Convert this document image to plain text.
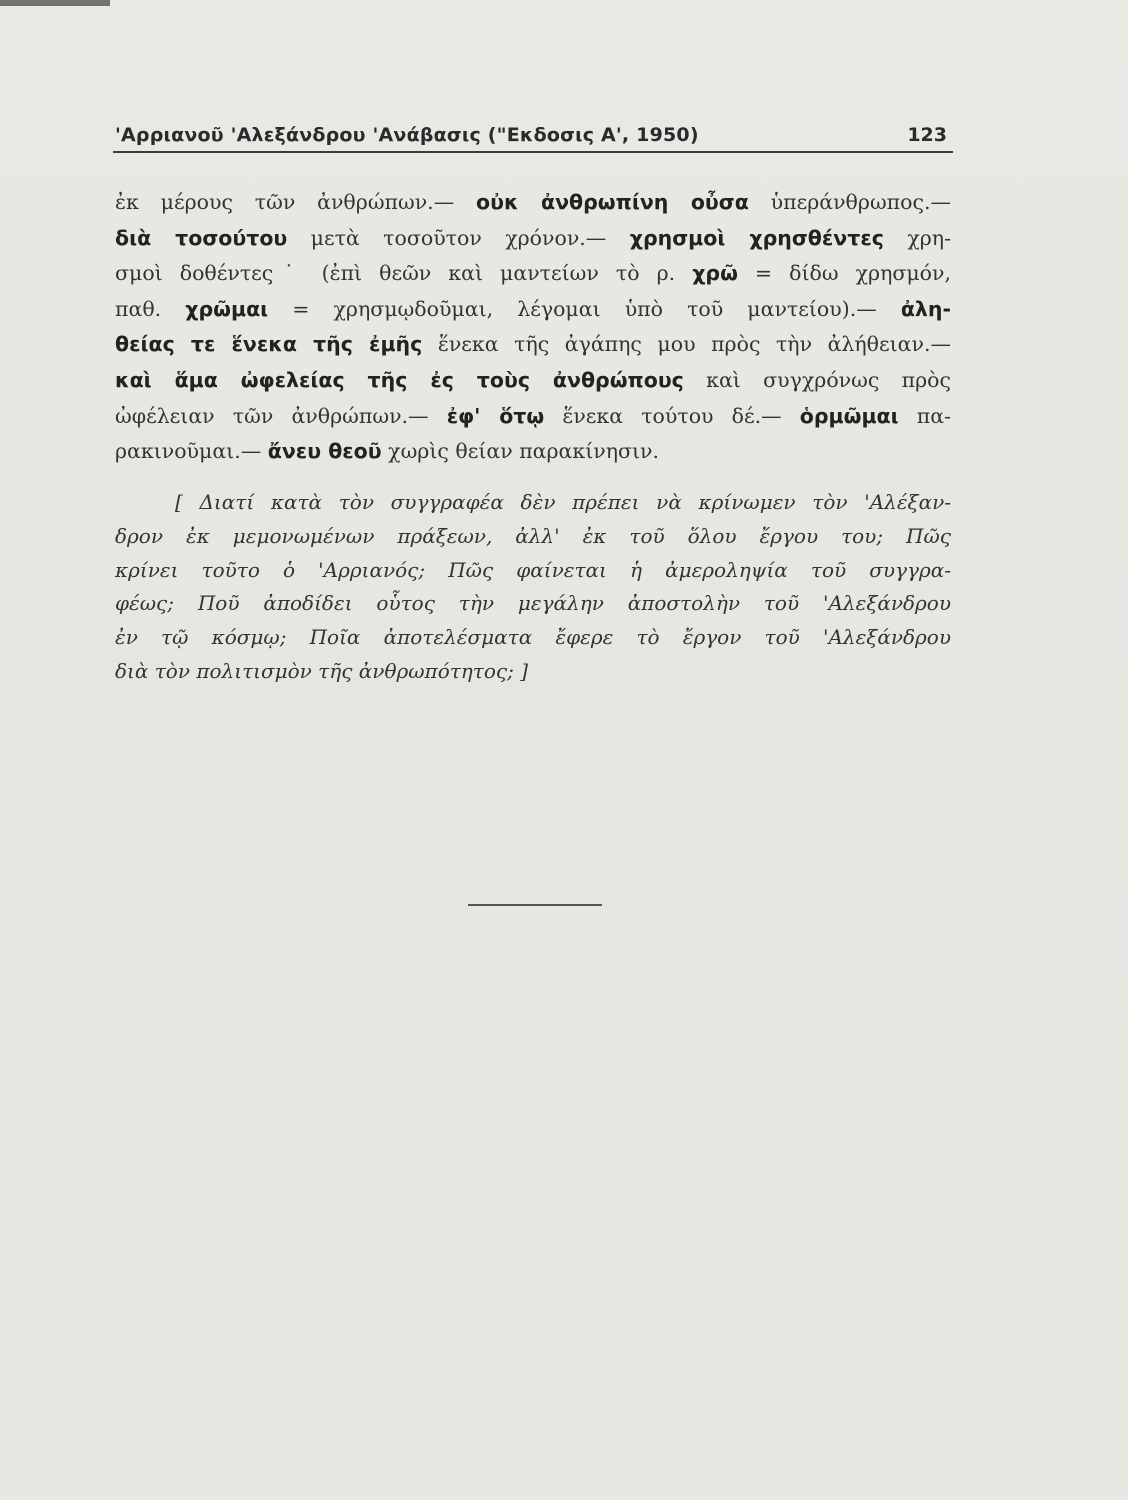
'Αρριανοῦ 'Αλεξάνδρου 'Ανάβασις ("Εκδοσις Α', 1950)	123
ἐκ μέρους τῶν ἀνθρώπων.— οὐκ ἀνθρωπίνη οὖσα ὑπεράνθρωπος.—
διὰ τοσούτου μετὰ τοσοῦτον χρόνον.— χρησμοὶ χρησθέντες χρη-
σμοὶ δοθέντες˙ (ἐπὶ θεῶν καὶ μαντείων τὸ ρ. χρῶ = δίδω χρησμόν,
παθ. χρῶμαι = χρησμῳδοῦμαι, λέγομαι ὑπὸ τοῦ μαντείου).— ἀλη-
θείας τε ἕνεκα τῆς ἐμῆς ἕνεκα τῆς ἀγάπης μου πρὸς τὴν ἀλήθειαν.—
καὶ ἅμα ὠφελείας τῆς ἐς τοὺς ἀνθρώπους καὶ συγχρόνως πρὸς
ὠφέλειαν τῶν ἀνθρώπων.— ἐφ' ὅτῳ ἕνεκα τούτου δέ.— ὁρμῶμαι πα-
ρακινοῦμαι.— ἄνευ θεοῦ χωρὶς θείαν παρακίνησιν.
[ Διατί κατὰ τὸν συγγραφέα δὲν πρέπει νὰ κρίνωμεν τὸν 'Αλέξαν-
δρον ἐκ μεμονωμένων πράξεων, ἀλλ' ἐκ τοῦ ὅλου ἔργου του; Πῶς
κρίνει τοῦτο ὁ 'Αρριανός; Πῶς φαίνεται ἡ ἀμεροληψία τοῦ συγγρα-
φέως; Ποῦ ἀποδίδει οὗτος τὴν μεγάλην ἀποστολὴν τοῦ 'Αλεξάνδρου
ἐν τῷ κόσμῳ; Ποῖα ἀποτελέσματα ἔφερε τὸ ἔργον τοῦ 'Αλεξάνδρου
διὰ τὸν πολιτισμὸν τῆς ἀνθρωπότητος; ]
